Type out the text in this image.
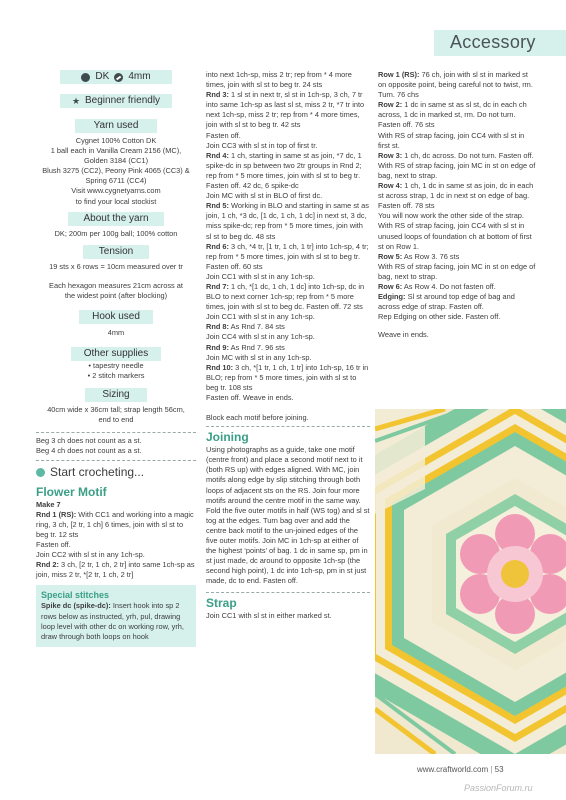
Accessory
DK 4mm
★ Beginner friendly
Yarn used

Cygnet 100% Cotton DK

1 ball each in Vanilla Cream 2156 (MC),

Golden 3184 (CC1)

Blush 3275 (CC2), Peony Pink 4065 (CC3) &

Spring 6711 (CC4)

Visit www.cygnetyarns.com

to find your local stockist

About the yarn

DK; 200m per 100g ball; 100% cotton

Tension

19 sts x 6 rows = 10cm measured over tr

Each hexagon measures 21cm across at

the widest point (after blocking)

Hook used

4mm

Other supplies

• tapestry needle

• 2 stitch markers

Sizing

40cm wide x 36cm tall; strap length 56cm,

end to end

Beg 3 ch does not count as a st.

Beg 4 ch does not count as a st.

Start crocheting...

Flower Motif

Make 7

Rnd 1 (RS): With CC1 and working into a magic ring, 3 ch, [2 tr, 1 ch] 6 times, join with sl st to beg tr. 12 sts

Fasten off.

Join CC2 with sl st in any 1ch-sp.

Rnd 2: 3 ch, [2 tr, 1 ch, 2 tr] into same 1ch-sp as join, miss 2 tr, *[2 tr, 1 ch, 2 tr]

Special stitches

Spike dc (spike-dc): Insert hook into sp 2 rows below as instructed, yrh, pul, drawing loop level with other dc on working row, yrh, draw through both loops on hook

into next 1ch-sp, miss 2 tr; rep from * 4 more times, join with sl st to beg tr. 24 sts

Rnd 3: 1 sl st in next tr, sl st in 1ch-sp, 3 ch, 7 tr into same 1ch-sp as last sl st, miss 2 tr, *7 tr into next 1ch-sp, miss 2 tr; rep from * 4 more times, join with sl st to beg tr. 42 sts

Fasten off.

Join CC3 with sl st in top of first tr.

Rnd 4: 1 ch, starting in same st as join, *7 dc, 1 spike-dc in sp between two 2tr groups in Rnd 2; rep from * 5 more times, join with sl st to beg tr. Fasten off. 42 dc, 6 spike-dc

Join MC with sl st in BLO of first dc.

Rnd 5: Working in BLO and starting in same st as join, 1 ch, *3 dc, [1 dc, 1 ch, 1 dc] in next st, 3 dc, miss spike-dc; rep from * 5 more times, join with sl st to beg dc. 48 sts

Rnd 6: 3 ch, *4 tr, [1 tr, 1 ch, 1 tr] into 1ch-sp, 4 tr; rep from * 5 more times, join with sl st to beg tr. Fasten off. 60 sts

Join CC1 with sl st in any 1ch-sp.

Rnd 7: 1 ch, *[1 dc, 1 ch, 1 dc] into 1ch-sp, dc in BLO to next corner 1ch-sp; rep from * 5 more times, join with sl st to beg dc. Fasten off. 72 sts

Join CC1 with sl st in any 1ch-sp.

Rnd 8: As Rnd 7. 84 sts

Join CC4 with sl st in any 1ch-sp.

Rnd 9: As Rnd 7. 96 sts

Join MC with sl st in any 1ch-sp.

Rnd 10: 3 ch, *[1 tr, 1 ch, 1 tr] into 1ch-sp, 16 tr in BLO; rep from * 5 more times, join with sl st to beg tr. 108 sts

Fasten off. Weave in ends.

Block each motif before joining.

Joining

Using photographs as a guide, take one motif (centre front) and place a second motif next to it (both RS up) with edges aligned. With MC, join motifs along edge by slip stitching through both loops of adjacent sts on the RS. Join four more motifs around the centre motif in the same way. Fold the five outer motifs in half (WS tog) and sl st tog at the edges. Turn bag over and add the centre back motif to the un-joined edges of the five outer motifs. Join MC in 1ch-sp at either of the highest ‘points’ of bag. 1 dc in same sp, pm in st just made, dc around to opposite 1ch-sp (the second high point), 1 dc into 1ch-sp, pm in st just made, dc to end. Fasten off.

Strap

Join CC1 with sl st in either marked st.

Row 1 (RS): 76 ch, join with sl st in marked st on opposite point, being careful not to twist, rm. Turn. 76 chs

Row 2: 1 dc in same st as sl st, dc in each ch across, 1 dc in marked st, rm. Do not turn. Fasten off. 76 sts

With RS of strap facing, join CC4 with sl st in first st.

Row 3: 1 ch, dc across. Do not turn. Fasten off.

With RS of strap facing, join MC in st on edge of bag, next to strap.

Row 4: 1 ch, 1 dc in same st as join, dc in each st across strap, 1 dc in next st on edge of bag. Fasten off. 78 sts

You will now work the other side of the strap.

With RS of strap facing, join CC4 with sl st in unused loops of foundation ch at bottom of first st on Row 1.

Row 5: As Row 3. 76 sts

With RS of strap facing, join MC in st on edge of bag, next to strap.

Row 6: As Row 4. Do not fasten off.

Edging: Sl st around top edge of bag and across edge of strap. Fasten off.

Rep Edging on other side. Fasten off.

Weave in ends.

www.craftworld.com | 53
PassionForum.ru
